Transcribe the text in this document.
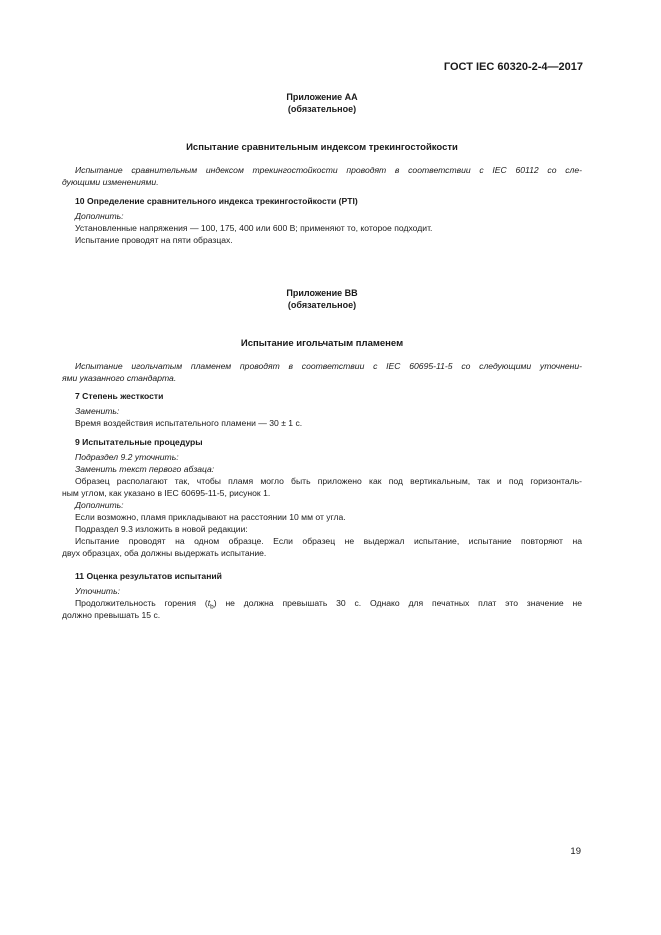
ГОСТ IEC 60320-2-4—2017
Приложение AA
(обязательное)
Испытание сравнительным индексом трекингостойкости

Испытание сравнительным индексом трекингостойкости проводят в соответствии с IEC 60112 со сле-

дующими изменениями.

10 Определение сравнительного индекса трекингостойкости (PTI)

Дополнить:

Установленные напряжения — 100, 175, 400 или 600 В; применяют то, которое подходит.

Испытание проводят на пяти образцах.

Приложение BB
(обязательное)
Испытание игольчатым пламенем

Испытание игольчатым пламенем проводят в соответствии с IEC 60695-11-5 со следующими уточнени-

ями указанного стандарта.

7 Степень жесткости

Заменить:

Время воздействия испытательного пламени — 30 ± 1 с.

9 Испытательные процедуры

Подраздел 9.2 уточнить:

Заменить текст первого абзаца:

Образец располагают так, чтобы пламя могло быть приложено как под вертикальным, так и под горизонталь-

ным углом, как указано в IEC 60695-11-5, рисунок 1.

Дополнить:

Если возможно, пламя прикладывают на расстоянии 10 мм от угла.

Подраздел 9.3 изложить в новой редакции:

Испытание проводят на одном образце. Если образец не выдержал испытание, испытание повторяют на

двух образцах, оба должны выдержать испытание.

11 Оценка результатов испытаний

Уточнить:

Продолжительность горения $(t_b)$ не должна превышать 30 с. Однако для печатных плат это значение не

должно превышать 15 с.

19
